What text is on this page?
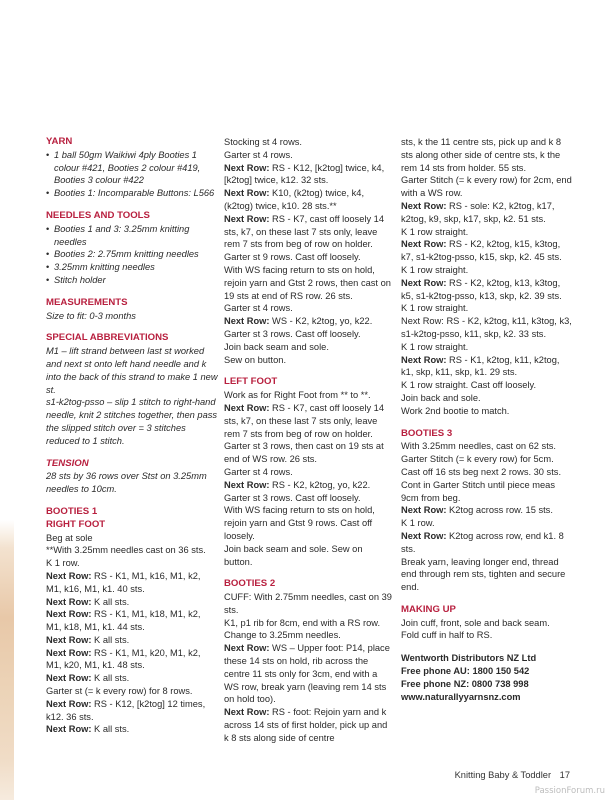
YARN

• 1 ball 50gm Waikiwi 4ply Booties 1 colour #421, Booties 2 colour #419, Booties 3 colour #422
• Booties 1: Incomparable Buttons: L566

NEEDLES AND TOOLS

• Booties 1 and 3: 3.25mm knitting needles
• Booties 2: 2.75mm knitting needles
• 3.25mm knitting needles
• Stitch holder

MEASUREMENTS

Size to fit: 0-3 months

SPECIAL ABBREVIATIONS

M1 – lift strand between last st worked and next st onto left hand needle and k into the back of this strand to make 1 new st.

s1-k2tog-psso – slip 1 stitch to right-hand needle, knit 2 stitches together, then pass the slipped stitch over = 3 stitches reduced to 1 stitch.

TENSION

28 sts by 36 rows over Stst on 3.25mm needles to 10cm.

BOOTIES 1

RIGHT FOOT

Beg at sole

**With 3.25mm needles cast on 36 sts.

K 1 row.

Next Row: RS - K1, M1, k16, M1, k2, M1, k16, M1, k1. 40 sts.

Next Row: K all sts.

Next Row: RS - K1, M1, k18, M1, k2, M1, k18, M1, k1. 44 sts.

Next Row: K all sts.

Next Row: RS - K1, M1, k20, M1, k2, M1, k20, M1, k1. 48 sts.

Next Row: K all sts.

Garter st (= k every row) for 8 rows.

Next Row: RS - K12, [k2tog] 12 times, k12. 36 sts.

Next Row: K all sts.

Stocking st 4 rows.

Garter st 4 rows.

Next Row: RS - K12, [k2tog] twice, k4, [k2tog] twice, k12. 32 sts.

Next Row: K10, (k2tog) twice, k4, (k2tog) twice, k10. 28 sts.**

Next Row: RS - K7, cast off loosely 14 sts, k7, on these last 7 sts only, leave rem 7 sts from beg of row on holder.

Garter st 9 rows. Cast off loosely.

With WS facing return to sts on hold, rejoin yarn and Gtst 2 rows, then cast on 19 sts at end of RS row. 26 sts.

Garter st 4 rows.

Next Row: WS - K2, k2tog, yo, k22.

Garter st 3 rows. Cast off loosely.

Join back seam and sole.

Sew on button.

LEFT FOOT

Work as for Right Foot from ** to **.

Next Row: RS - K7, cast off loosely 14 sts, k7, on these last 7 sts only, leave rem 7 sts from beg of row on holder.

Garter st 3 rows, then cast on 19 sts at end of WS row. 26 sts.

Garter st 4 rows.

Next Row: RS - K2, k2tog, yo, k22.

Garter st 3 rows. Cast off loosely.

With WS facing return to sts on hold, rejoin yarn and Gtst 9 rows. Cast off loosely.

Join back seam and sole. Sew on button.

BOOTIES 2

CUFF: With 2.75mm needles, cast on 39 sts.

K1, p1 rib for 8cm, end with a RS row.

Change to 3.25mm needles.

Next Row: WS – Upper foot: P14, place these 14 sts on hold, rib across the centre 11 sts only for 3cm, end with a WS row, break yarn (leaving rem 14 sts on hold too).

Next Row: RS - foot: Rejoin yarn and k across 14 sts of first holder, pick up and k 8 sts along side of centre

sts, k the 11 centre sts, pick up and k 8 sts along other side of centre sts, k the rem 14 sts from holder. 55 sts.

Garter Stitch (= k every row) for 2cm, end with a WS row.

Next Row: RS - sole: K2, k2tog, k17, k2tog, k9, skp, k17, skp, k2. 51 sts.

K 1 row straight.

Next Row: RS - K2, k2tog, k15, k3tog, k7, s1-k2tog-psso, k15, skp, k2. 45 sts.

K 1 row straight.

Next Row: RS - K2, k2tog, k13, k3tog, k5, s1-k2tog-psso, k13, skp, k2. 39 sts.

K 1 row straight.

Next Row: RS - K2, k2tog, k11, k3tog, k3, s1-k2tog-psso, k11, skp, k2. 33 sts.

K 1 row straight.

Next Row: RS - K1, k2tog, k11, k2tog, k1, skp, k11, skp, k1. 29 sts.

K 1 row straight. Cast off loosely.

Join back and sole.

Work 2nd bootie to match.

BOOTIES 3

With 3.25mm needles, cast on 62 sts.

Garter Stitch (= k every row) for 5cm.

Cast off 16 sts beg next 2 rows. 30 sts.

Cont in Garter Stitch until piece meas 9cm from beg.

Next Row: K2tog across row. 15 sts.

K 1 row.

Next Row: K2tog across row, end k1. 8 sts.

Break yarn, leaving longer end, thread end through rem sts, tighten and secure end.

MAKING UP

Join cuff, front, sole and back seam.

Fold cuff in half to RS.

Wentworth Distributors NZ Ltd

Free phone AU: 1800 150 542

Free phone NZ: 0800 738 998

www.naturallyyarnsnz.com

Knitting Baby & Toddler 17
PassionForum.ru
